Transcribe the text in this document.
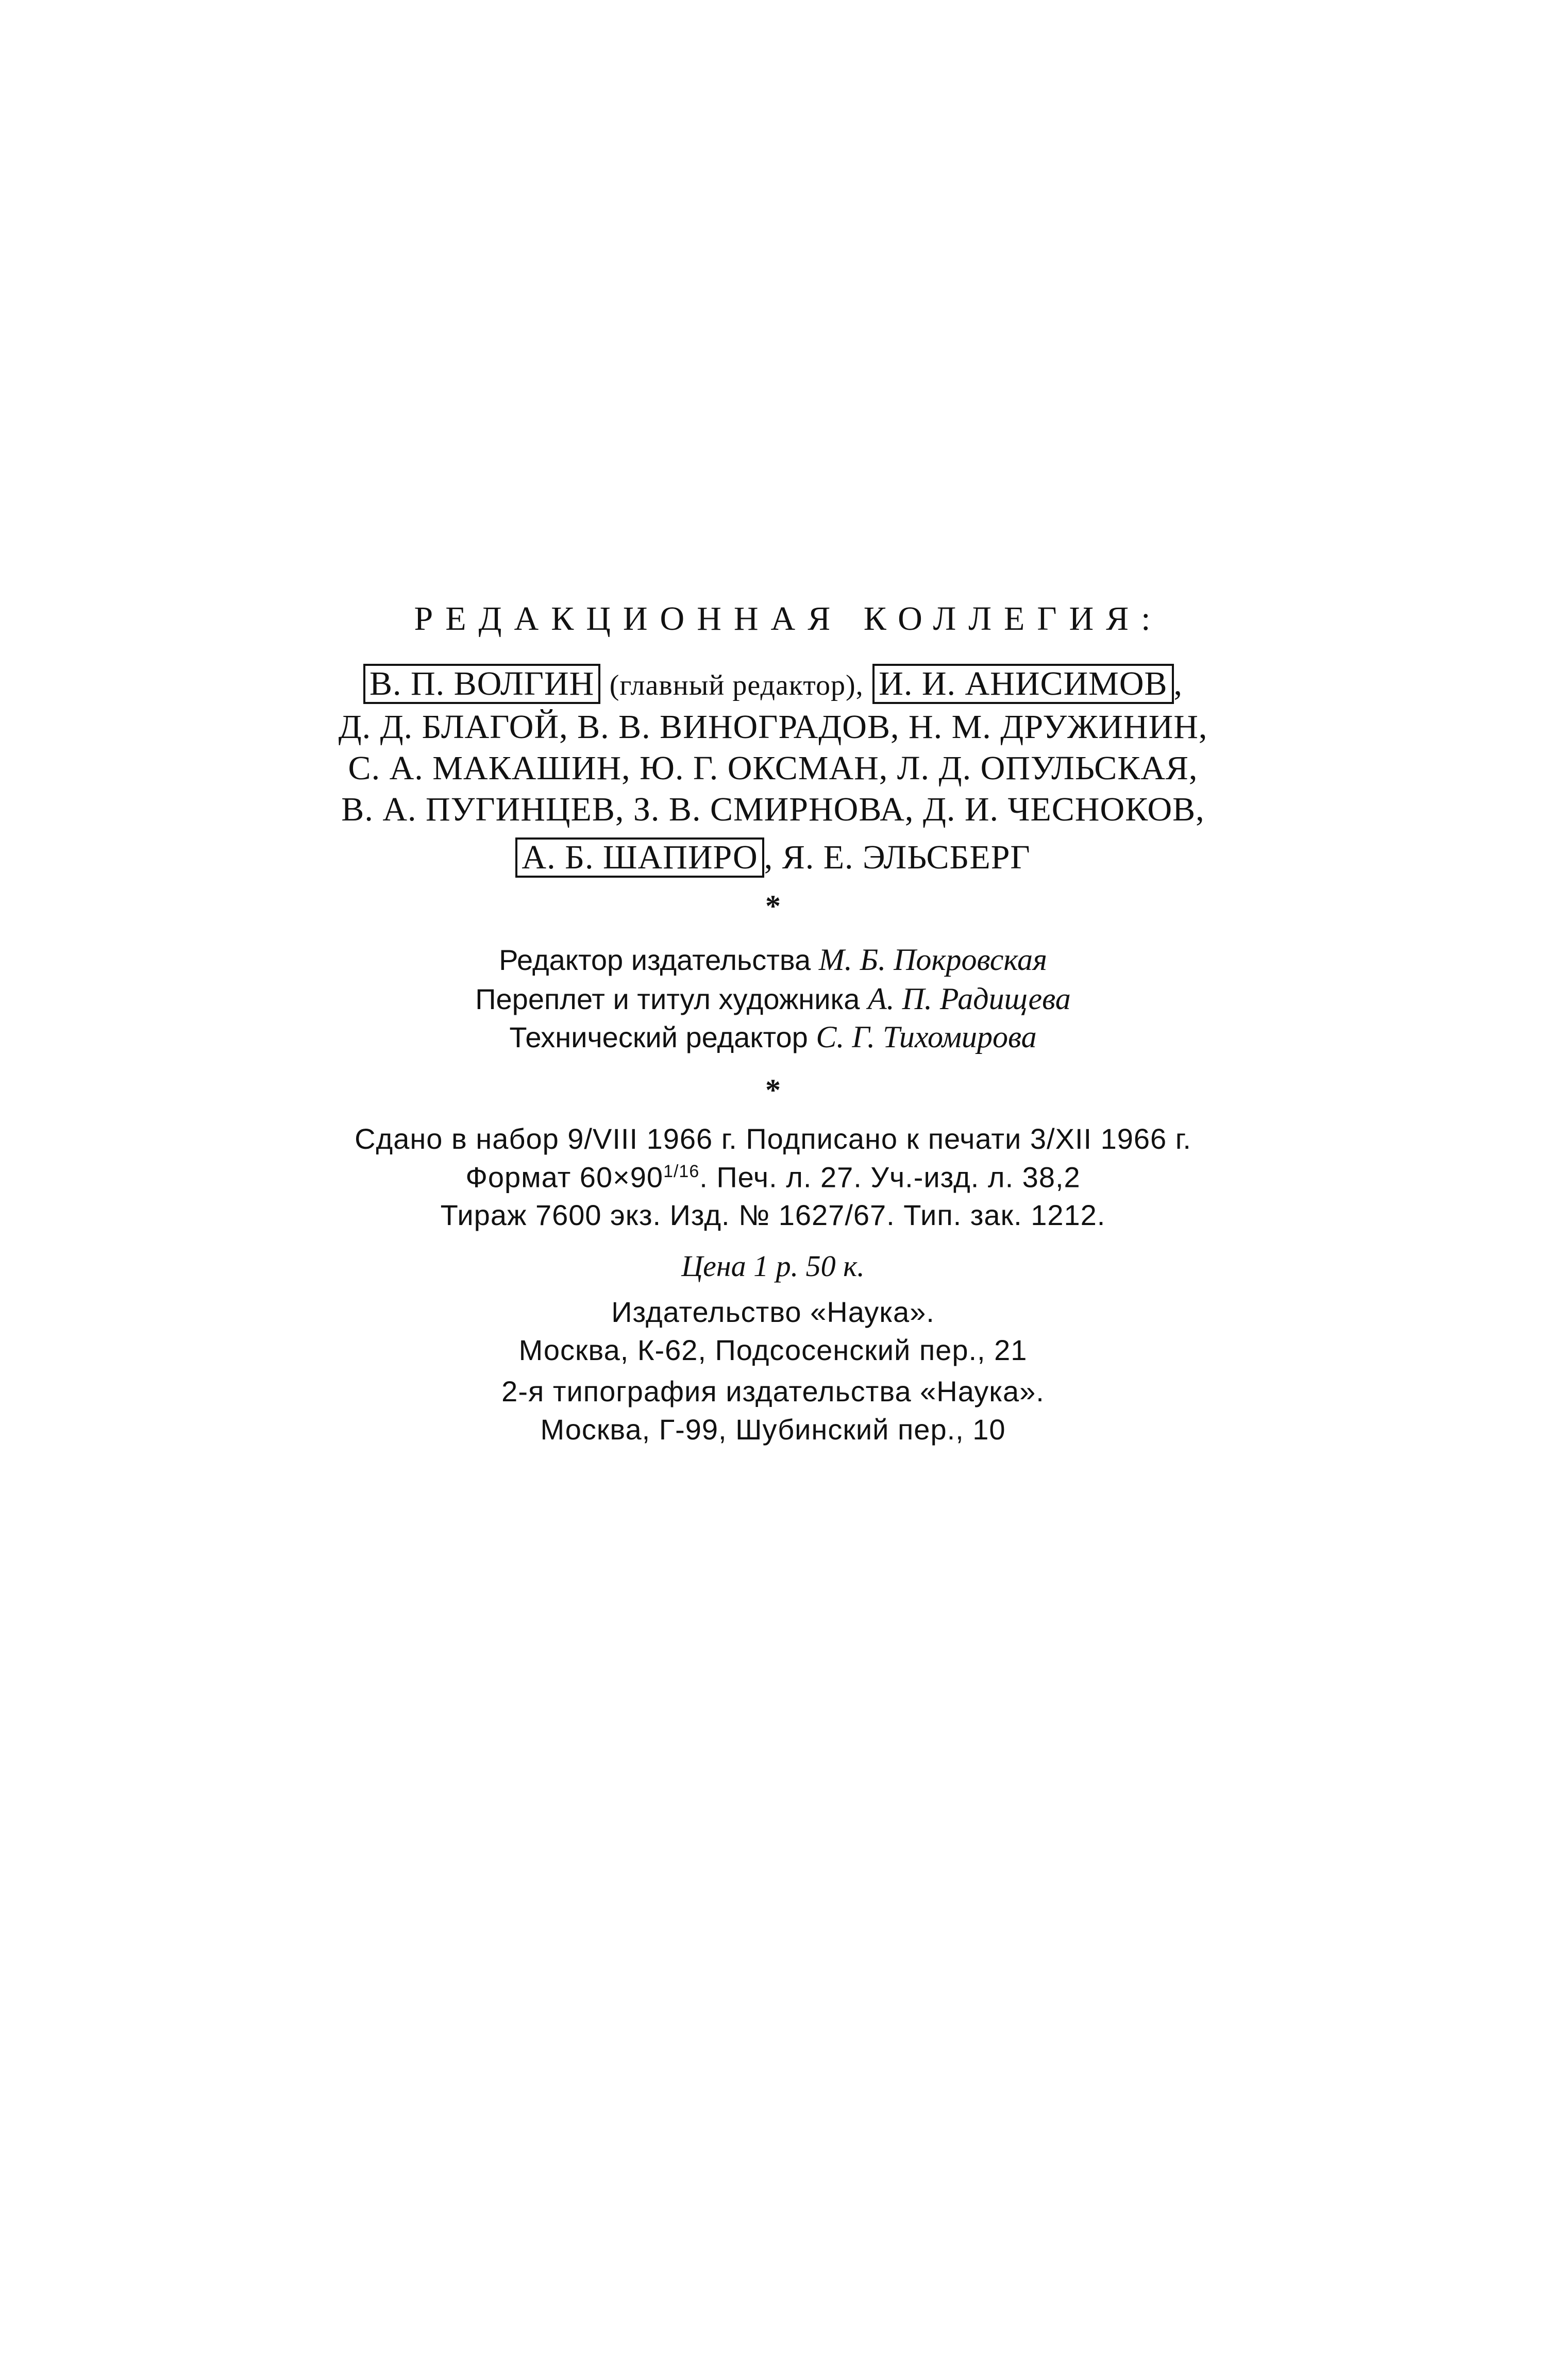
РЕДАКЦИОННАЯ КОЛЛЕГИЯ:
В. П. ВОЛГИН (главный редактор), И. И. АНИСИМОВ ,
Д. Д. БЛАГОЙ, В. В. ВИНОГРАДОВ, Н. М. ДРУЖИНИН,
С. А. МАКАШИН, Ю. Г. ОКСМАН, Л. Д. ОПУЛЬСКАЯ,
В. А. ПУГИНЦЕВ, З. В. СМИРНОВА, Д. И. ЧЕСНОКОВ,
А. Б. ШАПИРО , Я. Е. ЭЛЬСБЕРГ
*
Редактор издательства М. Б. Покровская
Переплет и титул художника А. П. Радищева
Технический редактор С. Г. Тихомирова
*
Сдано в набор 9/VIII 1966 г. Подписано к печати 3/XII 1966 г.
Формат $60\times 90^{1/16}$. Печ. л. 27. Уч.-изд. л. 38,2
Тираж 7600 экз. Изд. № 1627/67. Тип. зак. 1212.
Цена 1 р. 50 к.
Издательство «Наука».
Москва, К-62, Подсосенский пер., 21
2-я типография издательства «Наука».
Москва, Г-99, Шубинский пер., 10
